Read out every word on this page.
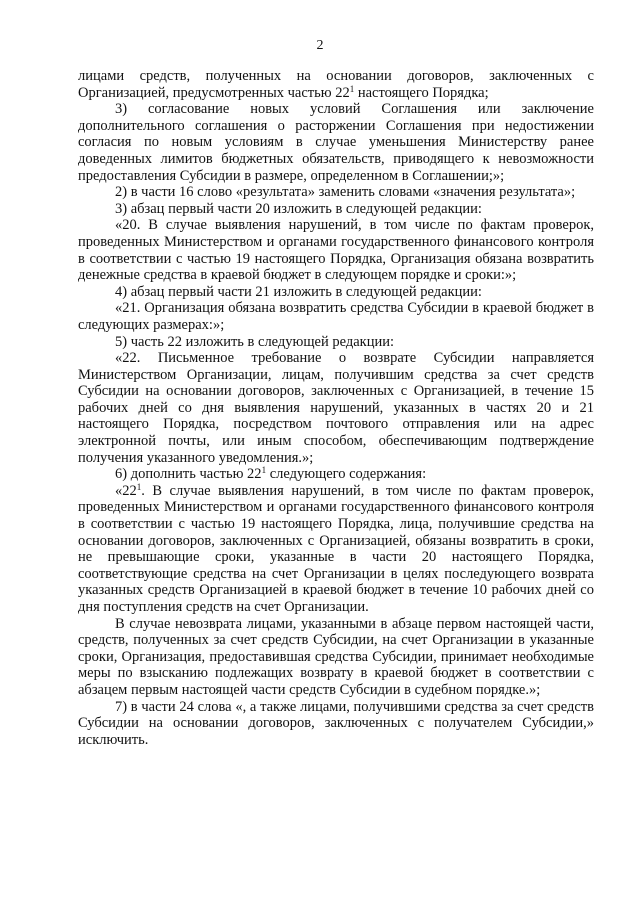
2

лицами средств, полученных на основании договоров, заключенных с Организацией, предусмотренных частью $22^1$ настоящего Порядка;

3) согласование новых условий Соглашения или заключение дополнительного соглашения о расторжении Соглашения при недостижении согласия по новым условиям в случае уменьшения Министерству ранее доведенных лимитов бюджетных обязательств, приводящего к невозможности предоставления Субсидии в размере, определенном в Соглашении;»;

2) в части 16 слово «результата» заменить словами «значения результата»;

3) абзац первый части 20 изложить в следующей редакции:

«20. В случае выявления нарушений, в том числе по фактам проверок, проведенных Министерством и органами государственного финансового контроля в соответствии с частью 19 настоящего Порядка, Организация обязана возвратить денежные средства в краевой бюджет в следующем порядке и сроки:»;

4) абзац первый части 21 изложить в следующей редакции:

«21. Организация обязана возвратить средства Субсидии в краевой бюджет в следующих размерах:»;

5) часть 22 изложить в следующей редакции:

«22. Письменное требование о возврате Субсидии направляется Министерством Организации, лицам, получившим средства за счет средств Субсидии на основании договоров, заключенных с Организацией, в течение 15 рабочих дней со дня выявления нарушений, указанных в частях 20 и 21 настоящего Порядка, посредством почтового отправления или на адрес электронной почты, или иным способом, обеспечивающим подтверждение получения указанного уведомления.»;

6) дополнить частью $22^1$ следующего содержания:

«$22^1$. В случае выявления нарушений, в том числе по фактам проверок, проведенных Министерством и органами государственного финансового контроля в соответствии с частью 19 настоящего Порядка, лица, получившие средства на основании договоров, заключенных с Организацией, обязаны возвратить в сроки, не превышающие сроки, указанные в части 20 настоящего Порядка, соответствующие средства на счет Организации в целях последующего возврата указанных средств Организацией в краевой бюджет в течение 10 рабочих дней со дня поступления средств на счет Организации.

В случае невозврата лицами, указанными в абзаце первом настоящей части, средств, полученных за счет средств Субсидии, на счет Организации в указанные сроки, Организация, предоставившая средства Субсидии, принимает необходимые меры по взысканию подлежащих возврату в краевой бюджет в соответствии с абзацем первым настоящей части средств Субсидии в судебном порядке.»;

7) в части 24 слова «, а также лицами, получившими средства за счет средств Субсидии на основании договоров, заключенных с получателем Субсидии,» исключить.
